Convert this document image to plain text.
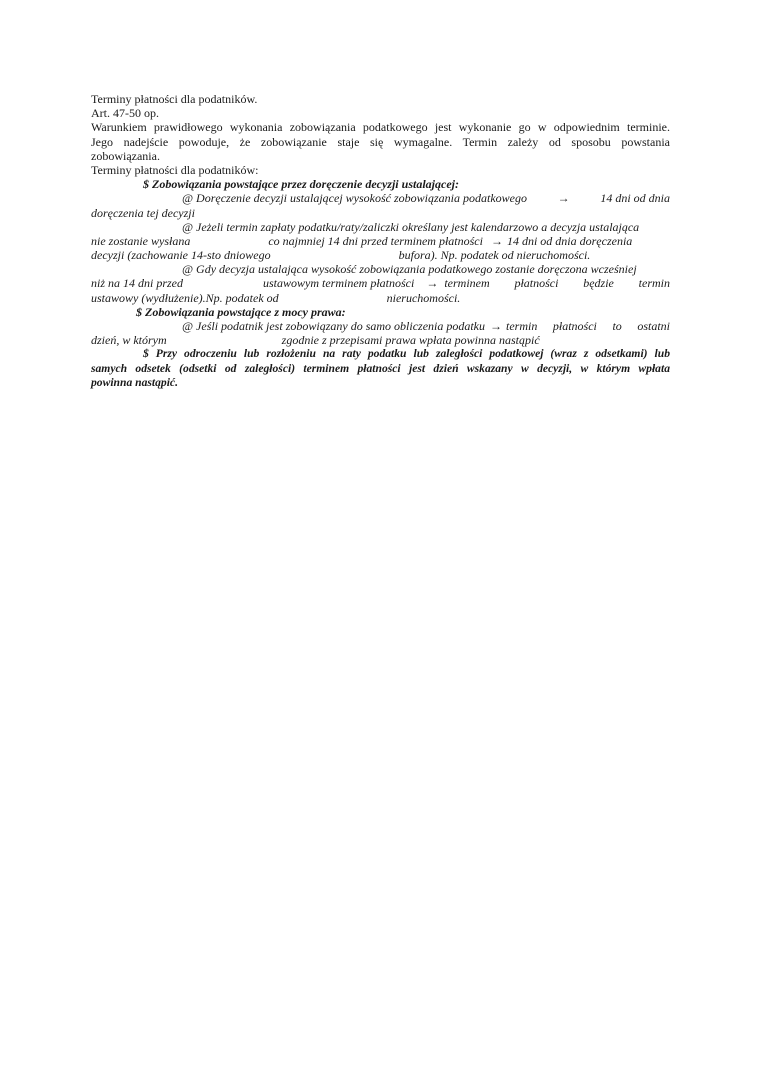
Terminy płatności dla podatników.
Art. 47-50 op.
Warunkiem prawidłowego wykonania zobowiązania podatkowego jest wykonanie go w odpowiednim terminie.
Jego nadejście powoduje, że zobowiązanie staje się wymagalne. Termin zależy od sposobu powstania
zobowiązania.
Terminy płatności dla podatników:
$ Zobowiązania powstające przez doręczenie decyzji ustalającej:
@ Doręczenie decyzji ustalającej wysokość zobowiązania podatkowego	→	14 dni od dnia
doręczenia tej decyzji
@ Jeżeli termin zapłaty podatku/raty/zaliczki określany jest kalendarzowo a decyzja ustalająca
nie zostanie wysłana	co najmniej 14 dni przed terminem płatności → 14 dni od dnia doręczenia
decyzji (zachowanie 14-sto dniowego	bufora). Np. podatek od nieruchomości.
@ Gdy decyzja ustalająca wysokość zobowiązania podatkowego zostanie doręczona wcześniej
niż na 14 dni przed	ustawowym terminem płatności → terminem płatności będzie termin
ustawowy (wydłużenie).Np. podatek od	nieruchomości.
$ Zobowiązania powstające z mocy prawa:
@ Jeśli podatnik jest zobowiązany do samo obliczenia podatku → termin płatności to ostatni
dzień, w którym	zgodnie z przepisami prawa wpłata powinna nastąpić
$ Przy odroczeniu lub rozłożeniu na raty podatku lub zaległości podatkowej (wraz z odsetkami) lub
samych odsetek (odsetki od zaległości) terminem płatności jest dzień wskazany w decyzji, w którym wpłata
powinna nastąpić.
